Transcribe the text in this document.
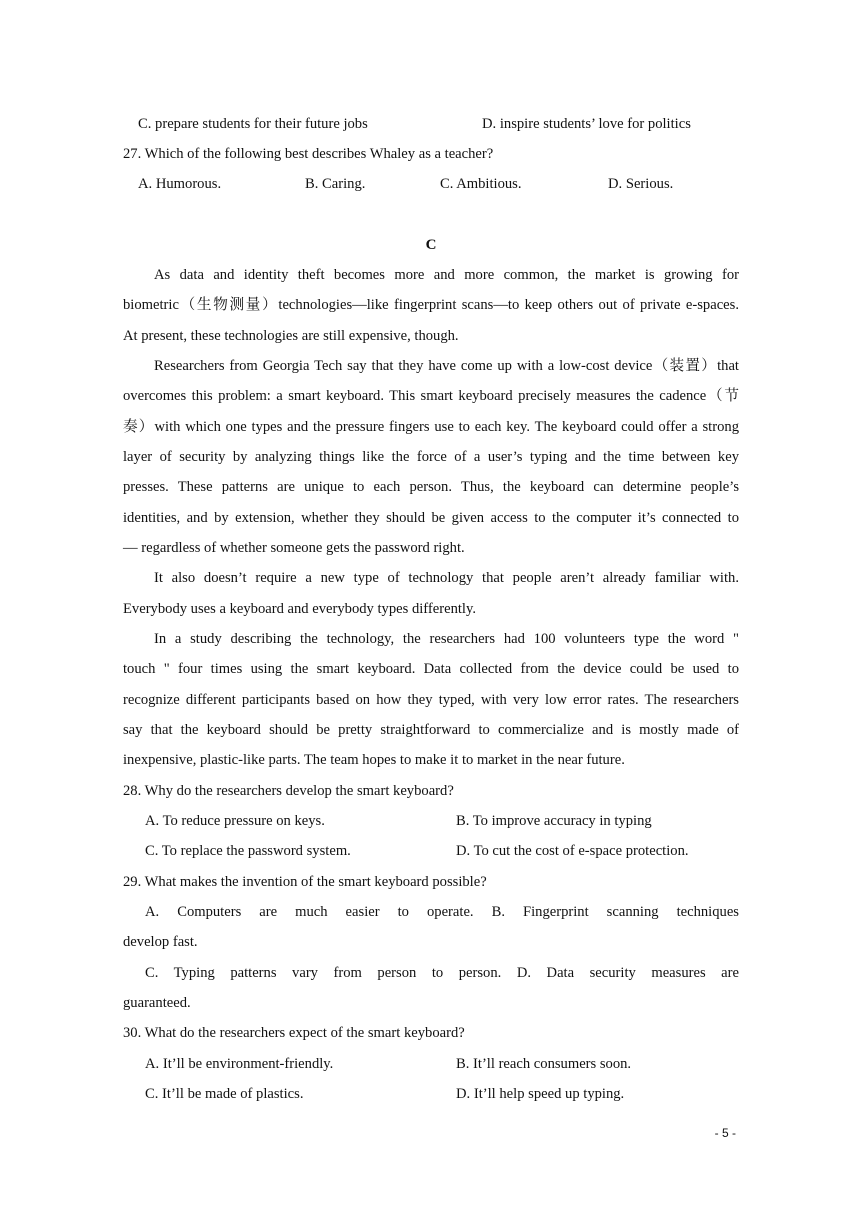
C. prepare students for their future jobs	D. inspire students’ love for politics
27. Which of the following best describes Whaley as a teacher?
A. Humorous.	B. Caring.	C. Ambitious.	D. Serious.
C
As data and identity theft becomes more and more common, the market is growing for
biometric（生物测量）technologies—like fingerprint scans—to keep others out of private e-spaces.
At present, these technologies are still expensive, though.
Researchers from Georgia Tech say that they have come up with a low-cost device（装置）that
overcomes this problem: a smart keyboard. This smart keyboard precisely measures the cadence（节
奏）with which one types and the pressure fingers use to each key. The keyboard could offer a strong
layer of security by analyzing things like the force of a user’s typing and the time between key
presses. These patterns are unique to each person. Thus, the keyboard can determine people’s
identities, and by extension, whether they should be given access to the computer it’s connected to
— regardless of whether someone gets the password right.
It also doesn’t require a new type of technology that people aren’t already familiar with.
Everybody uses a keyboard and everybody types differently.
In a study describing the technology, the researchers had 100 volunteers type the word "
touch " four times using the smart keyboard. Data collected from the device could be used to
recognize different participants based on how they typed, with very low error rates. The researchers
say that the keyboard should be pretty straightforward to commercialize and is mostly made of
inexpensive, plastic-like parts. The team hopes to make it to market in the near future.
28. Why do the researchers develop the smart keyboard?
A. To reduce pressure on keys.	B. To improve accuracy in typing
C. To replace the password system.	D. To cut the cost of e-space protection.
29. What makes the invention of the smart keyboard possible?
A. Computers are much easier to operate. B. Fingerprint scanning techniques
develop fast.
C. Typing patterns vary from person to person. D. Data security measures are
guaranteed.
30. What do the researchers expect of the smart keyboard?
A. It’ll be environment-friendly.	B. It’ll reach consumers soon.
C. It’ll be made of plastics.	D. It’ll help speed up typing.
- 5 -
